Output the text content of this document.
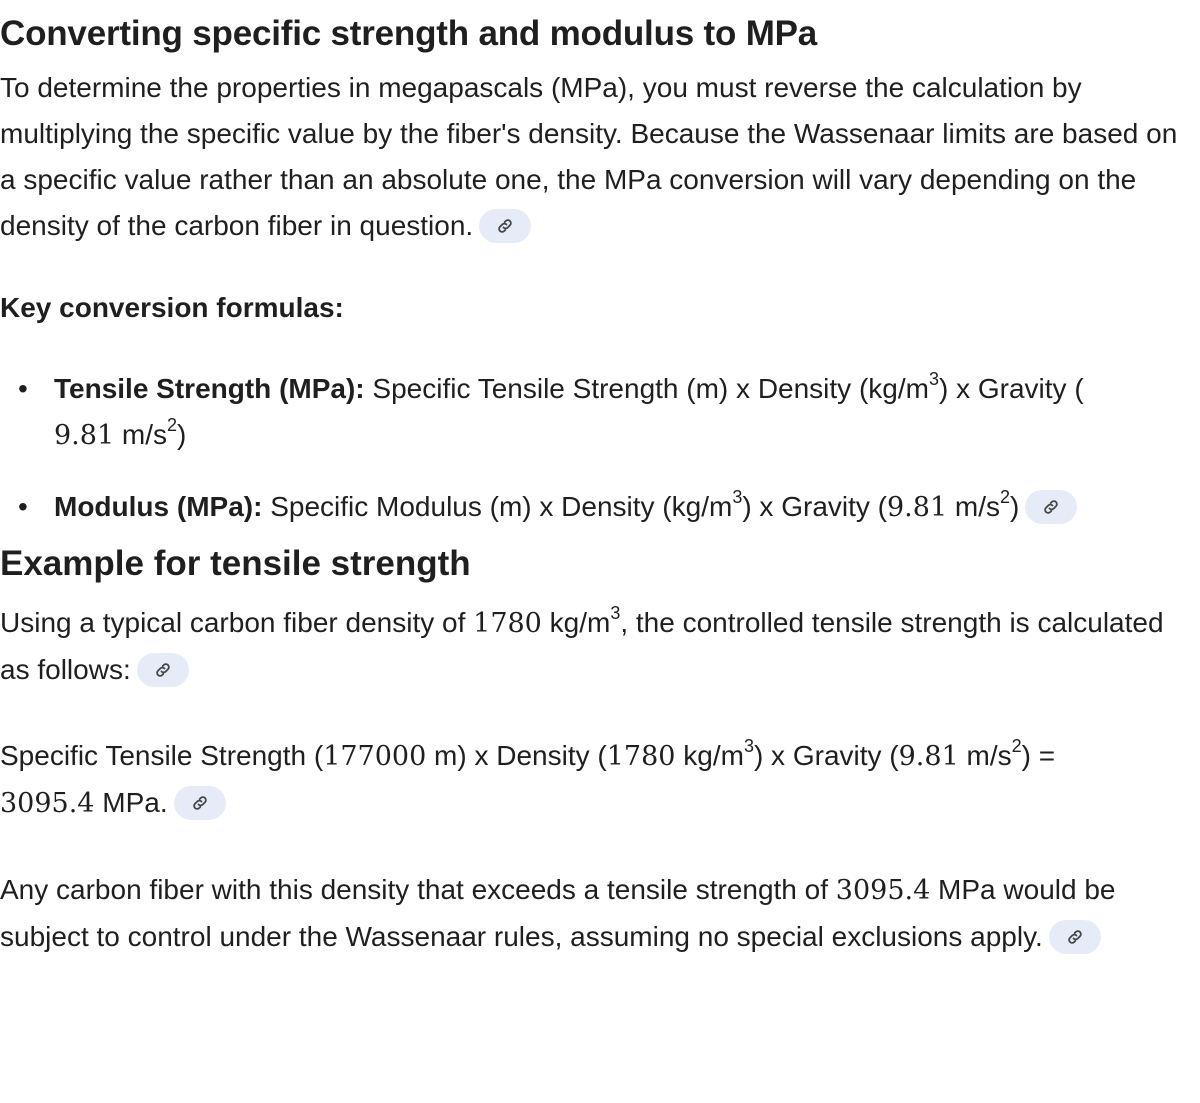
Converting specific strength and modulus to MPa

To determine the properties in megapascals (MPa), you must reverse the calculation by multiplying the specific value by the fiber's density. Because the Wassenaar limits are based on a specific value rather than an absolute one, the MPa conversion will vary depending on the density of the carbon fiber in question.

Key conversion formulas:

• Tensile Strength (MPa): Specific Tensile Strength (m) x Density $(kg/m^3)$ x Gravity (
9.81 $m/s^2$)
• Modulus (MPa): Specific Modulus (m) x Density $(kg/m^3)$ x Gravity (9.81 $m/s^2$)
Example for tensile strength

Using a typical carbon fiber density of 1780 $kg/m^3$, the controlled tensile strength is calculated as follows:

Specific Tensile Strength (177000 m) x Density (1780 $kg/m^3$) x Gravity (9.81 $m/s^2$) =
3095.4 MPa.

Any carbon fiber with this density that exceeds a tensile strength of 3095.4 MPa would be subject to control under the Wassenaar rules, assuming no special exclusions apply.
